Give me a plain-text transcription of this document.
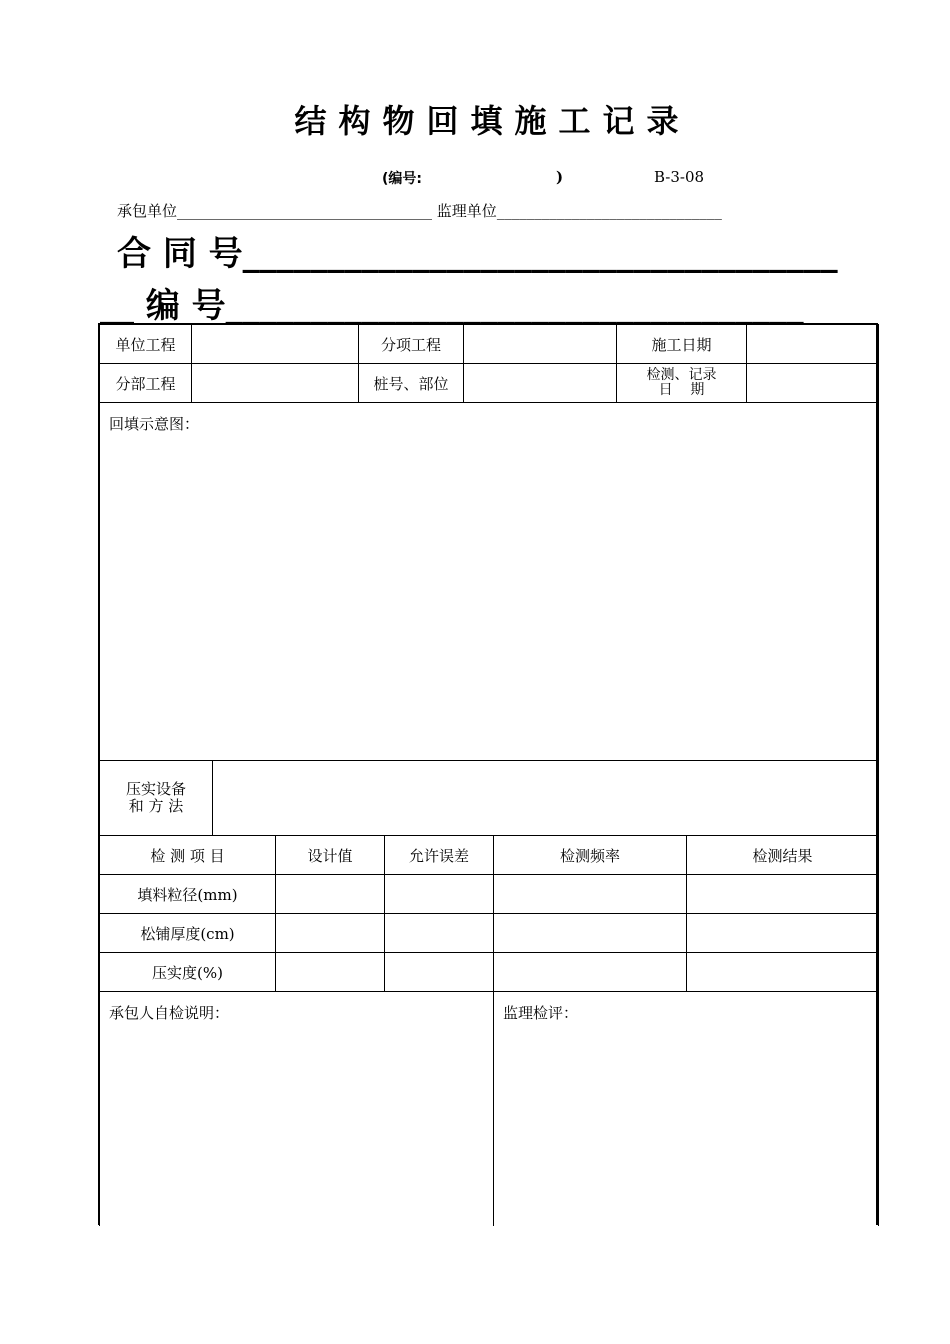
结构物回填施工记录
(编号:	)	B-3-08
承包单位__________________________________ 监理单位______________________________
合 同 号___________________________________
__ 编 号__________________________________
单位工程		分项工程		施工日期	
分部工程		桩号、部位		检测、记录
日    期	

回填示意图：					
压实设备
和 方 法

检 测 项 目	设计值	允许误差	检测频率	检测结果
填料粒径(mm)				
松铺厚度(cm)				
压实度(%)				
承包人自检说明：	监理检评：
